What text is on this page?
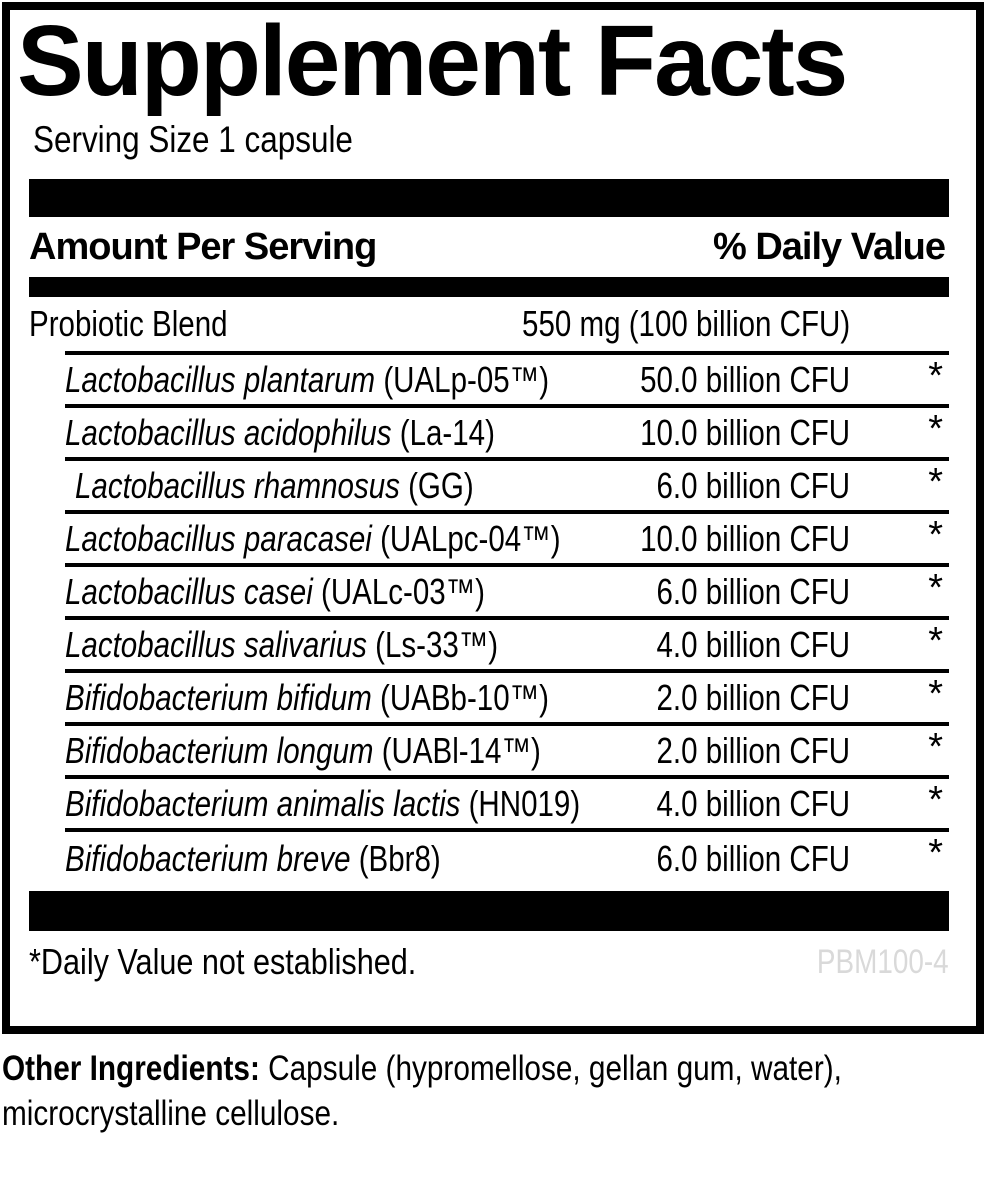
Supplement Facts
Serving Size 1 capsule
Amount Per Serving	% Daily Value
Probiotic Blend	550 mg (100 billion CFU)
Lactobacillus plantarum (UALp-05™)	50.0 billion CFU	*
Lactobacillus acidophilus (La-14)	10.0 billion CFU	*
Lactobacillus rhamnosus (GG)	6.0 billion CFU	*
Lactobacillus paracasei (UALpc-04™)	10.0 billion CFU	*
Lactobacillus casei (UALc-03™)	6.0 billion CFU	*
Lactobacillus salivarius (Ls-33™)	4.0 billion CFU	*
Bifidobacterium bifidum (UABb-10™)	2.0 billion CFU	*
Bifidobacterium longum (UABl-14™)	2.0 billion CFU	*
Bifidobacterium animalis lactis (HN019)	4.0 billion CFU	*
Bifidobacterium breve (Bbr8)	6.0 billion CFU	*
*Daily Value not established.	PBM100-4
Other Ingredients: Capsule (hypromellose, gellan gum, water),
microcrystalline cellulose.
